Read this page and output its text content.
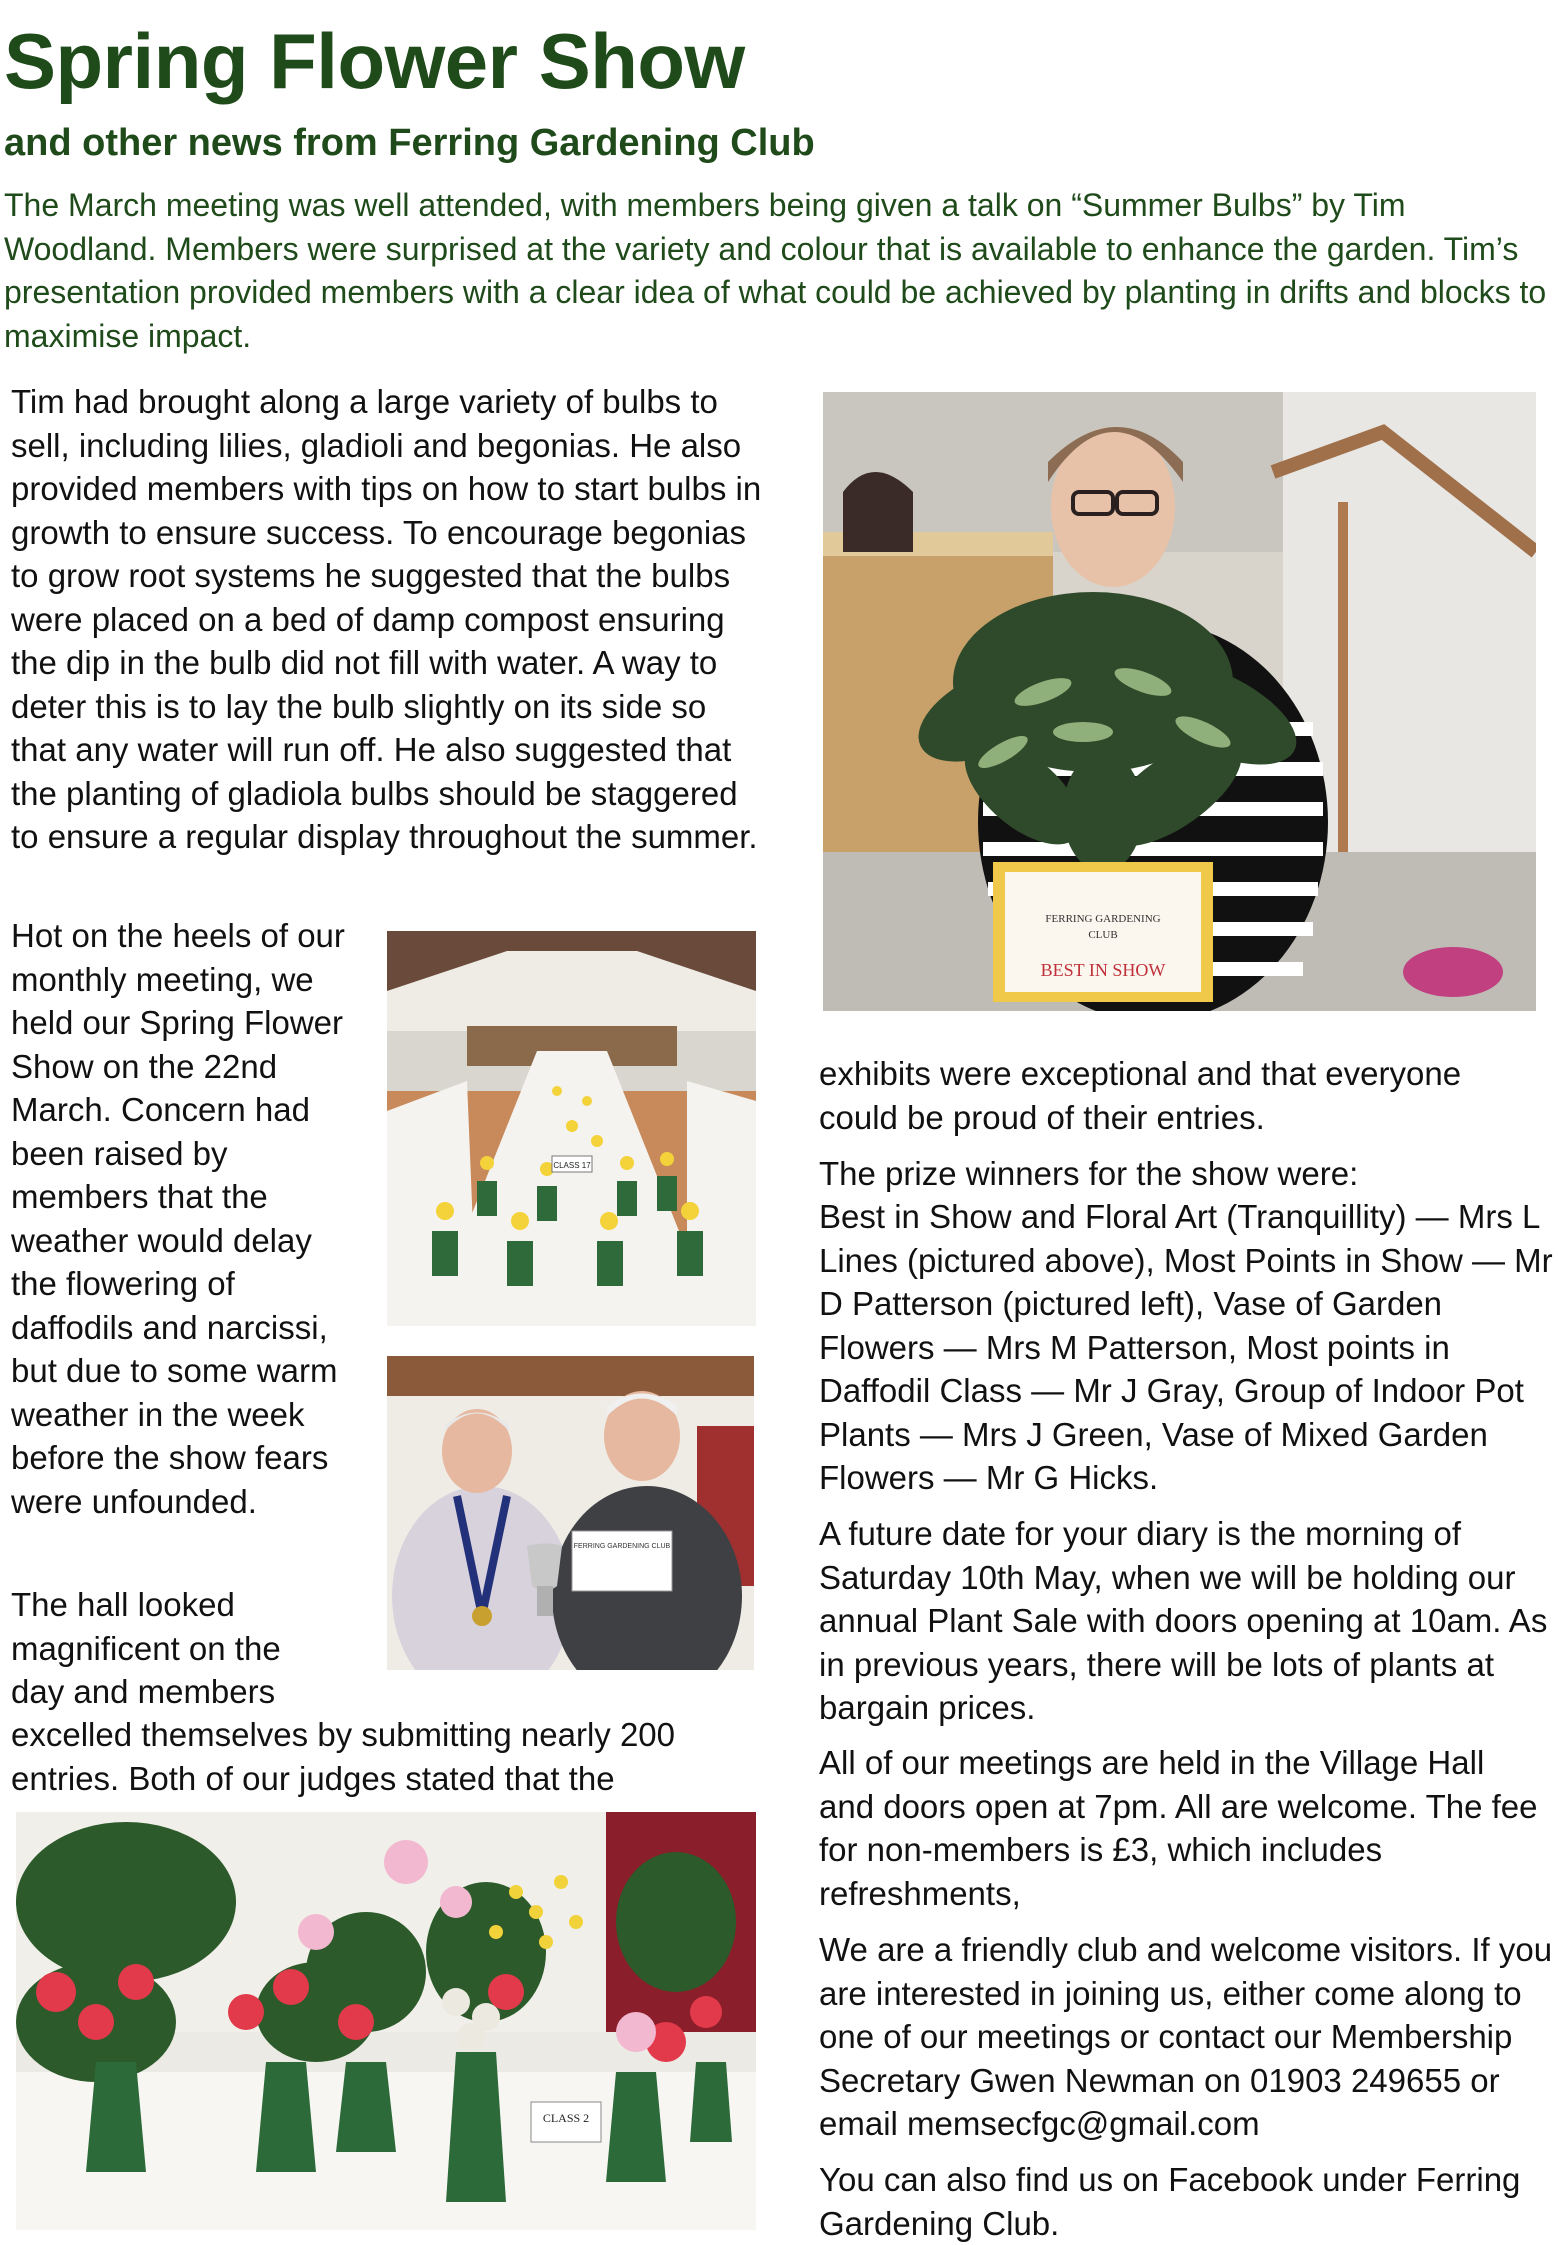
Spring Flower Show
and other news from Ferring Gardening Club

The March meeting was well attended, with members being given a talk on “Summer Bulbs” by Tim Woodland. Members were surprised at the variety and colour that is available to enhance the garden. Tim’s presentation provided members with a clear idea of what could be achieved by planting in drifts and blocks to maximise impact.

Tim had brought along a large variety of bulbs to sell, including lilies, gladioli and begonias. He also provided members with tips on how to start bulbs in growth to ensure success. To encourage begonias to grow root systems he suggested that the bulbs were placed on a bed of damp compost ensuring the dip in the bulb did not fill with water. A way to deter this is to lay the bulb slightly on its side so that any water will run off. He also suggested that the planting of gladiola bulbs should be staggered to ensure a regular display throughout the summer.

Hot on the heels of our monthly meeting, we held our Spring Flower Show on the 22nd March. Concern had been raised by members that the weather would delay the flowering of daffodils and narcissi, but due to some warm weather in the week before the show fears were unfounded.

The hall looked magnificent on the day and members

excelled themselves by submitting nearly 200 entries. Both of our judges stated that the

exhibits were exceptional and that everyone could be proud of their entries.

The prize winners for the show were:

Best in Show and Floral Art (Tranquillity) — Mrs L Lines (pictured above), Most Points in Show — Mr D Patterson (pictured left), Vase of Garden Flowers — Mrs M Patterson, Most points in Daffodil Class — Mr J Gray, Group of Indoor Pot Plants — Mrs J Green, Vase of Mixed Garden Flowers — Mr G Hicks.

A future date for your diary is the morning of Saturday 10th May, when we will be holding our annual Plant Sale with doors opening at 10am. As in previous years, there will be lots of plants at bargain prices.

All of our meetings are held in the Village Hall and doors open at 7pm. All are welcome. The fee for non-members is £3, which includes refreshments,

We are a friendly club and welcome visitors. If you are interested in joining us, either come along to one of our meetings or contact our Membership Secretary Gwen Newman on 01903 249655 or email memsecfgc@gmail.com

You can also find us on Facebook under Ferring Gardening Club.

FERRING GARDENING
CLUB
BEST IN SHOW
CLASS 17
FERRING GARDENING CLUB
CLASS 2
